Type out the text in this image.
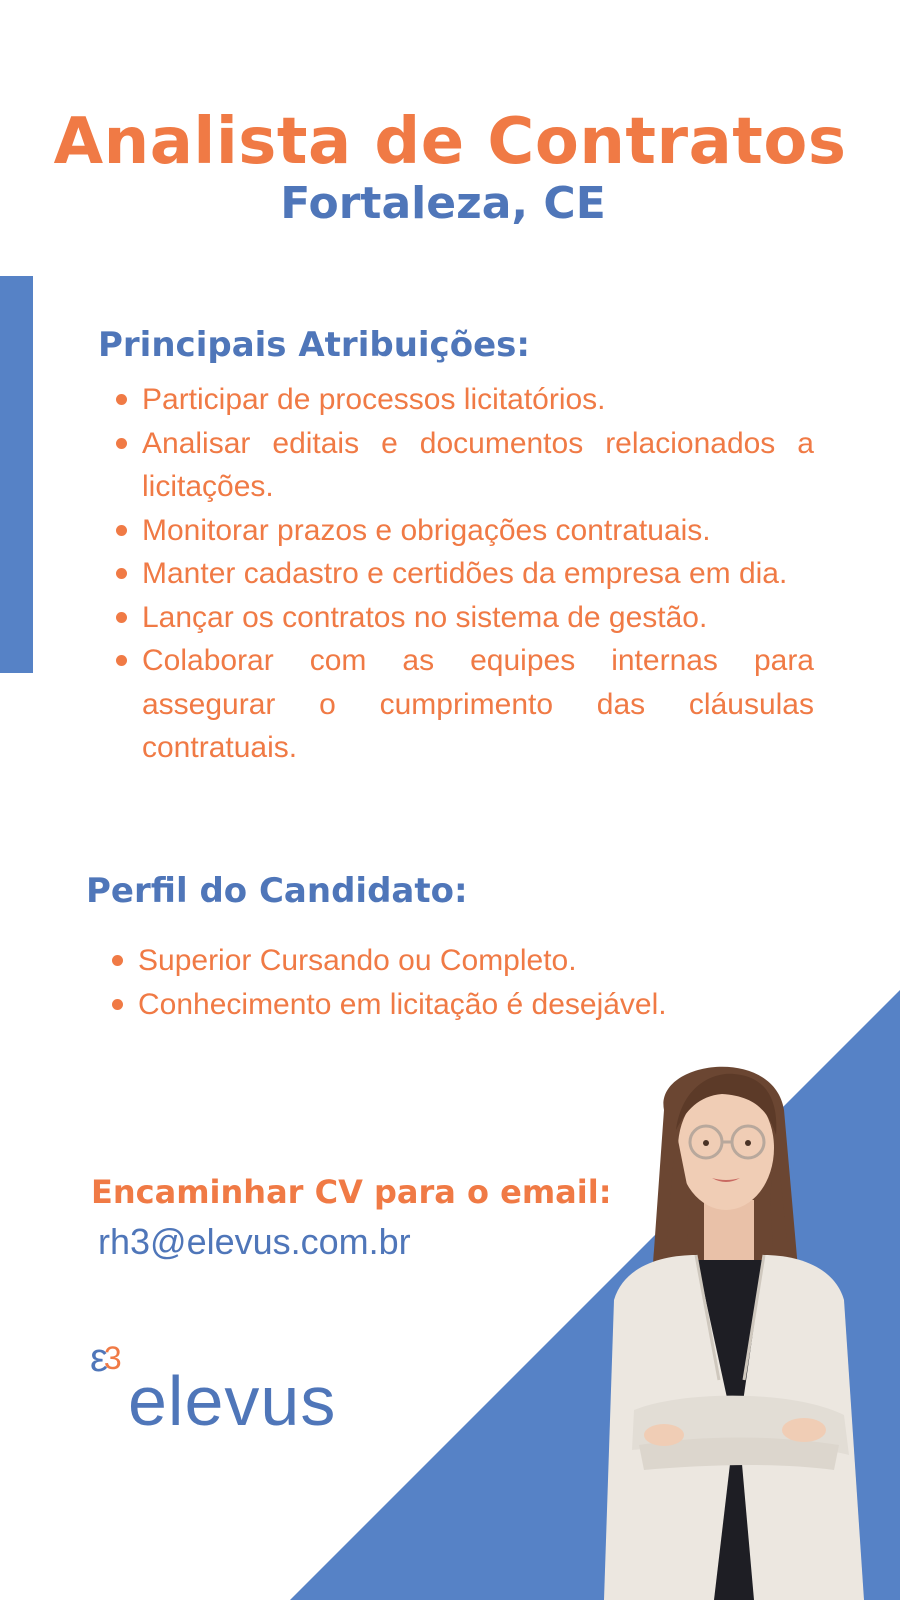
Analista de Contratos
Fortaleza, CE
Principais Atribuições:
Participar de processos licitatórios.
Analisar editais e documentos relacionados a licitações.
Monitorar prazos e obrigações contratuais.
Manter cadastro e certidões da empresa em dia.
Lançar os contratos no sistema de gestão.
Colaborar com as equipes internas para assegurar o cumprimento das cláusulas contratuais.
Perfil do Candidato:
Superior Cursando ou Completo.
Conhecimento em licitação é desejável.

Encaminhar CV para o email:

rh3@elevus.com.br
$\varepsilon^3$
elevus
